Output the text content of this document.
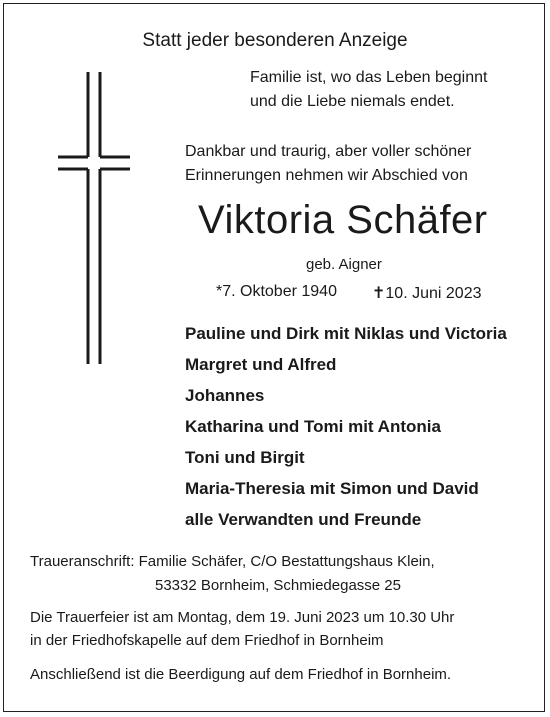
Statt jeder besonderen Anzeige
Familie ist, wo das Leben beginnt
und die Liebe niemals endet.
Dankbar und traurig, aber voller schöner
Erinnerungen nehmen wir Abschied von
Viktoria Schäfer
geb. Aigner
*7. Oktober 1940 ✝10. Juni 2023
Pauline und Dirk mit Niklas und Victoria
Margret und Alfred
Johannes
Katharina und Tomi mit Antonia
Toni und Birgit
Maria-Theresia mit Simon und David
alle Verwandten und Freunde
Traueranschrift: Familie Schäfer, C/O Bestattungshaus Klein,
53332 Bornheim, Schmiedegasse 25
Die Trauerfeier ist am Montag, dem 19. Juni 2023 um 10.30 Uhr
in der Friedhofskapelle auf dem Friedhof in Bornheim
Anschließend ist die Beerdigung auf dem Friedhof in Bornheim.
